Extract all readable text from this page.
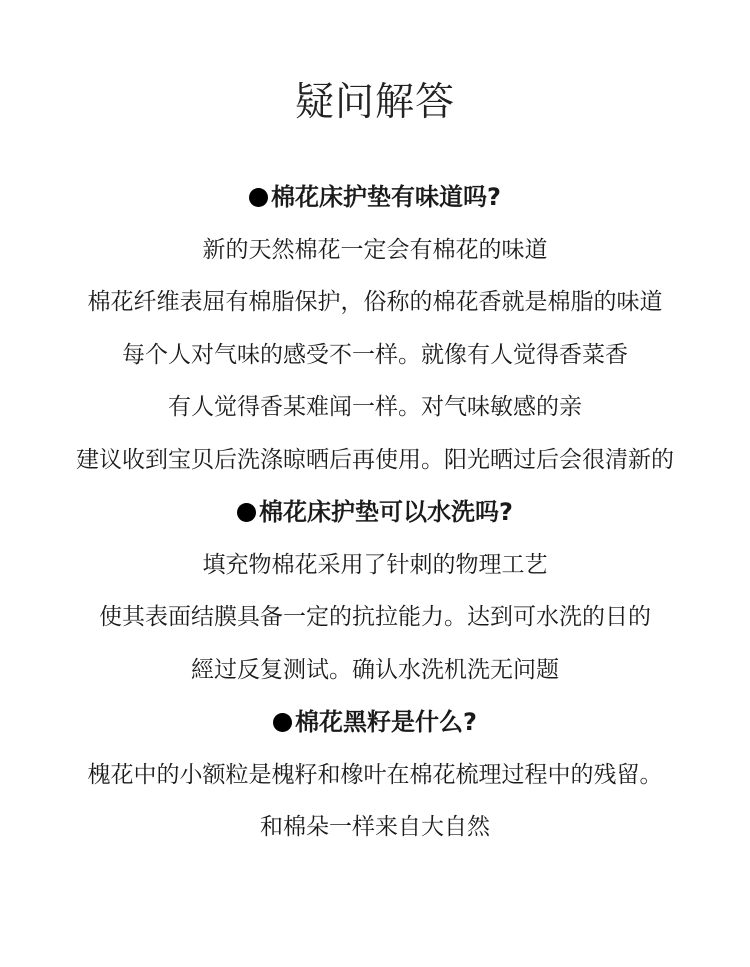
疑问解答
棉花床护垫有味道吗?
新的天然棉花一定会有棉花的味道
棉花纤维表屈有棉脂保护，俗称的棉花香就是棉脂的味道
每个人对气味的感受不一样。就像有人觉得香菜香
有人觉得香某难闻一样。对气味敏感的亲
建议收到宝贝后洗涤晾晒后再使用。阳光晒过后会很清新的
棉花床护垫可以水洗吗?
填充物棉花采用了针刺的物理工艺
使其表面结膜具备一定的抗拉能力。达到可水洗的日的
經过反复测试。确认水洗机洗无问题
棉花黑籽是什么?
槐花中的小额粒是槐籽和橡叶在棉花梳理过程中的残留。
和棉朵一样来自大自然
